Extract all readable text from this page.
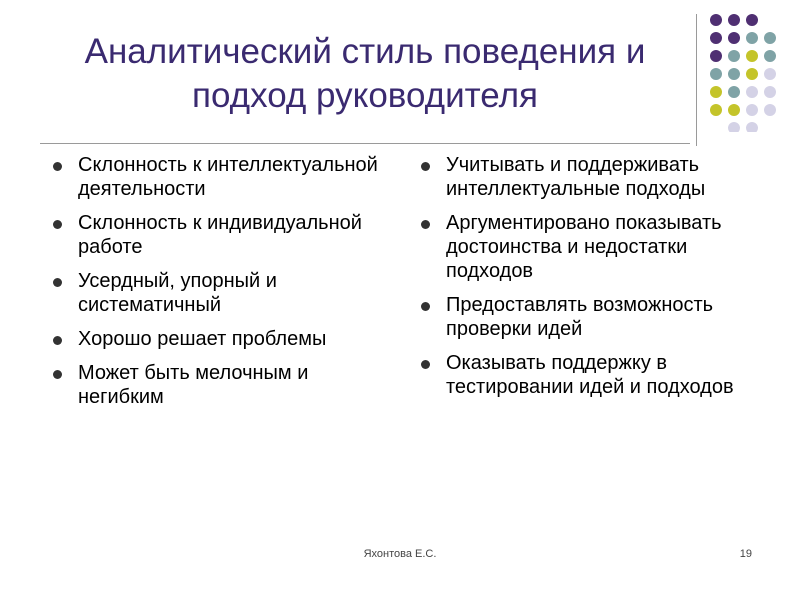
Аналитический стиль поведения и
подход руководителя
Склонность к интеллектуальной деятельности
Склонность к индивидуальной работе
Усердный, упорный и систематичный
Хорошо решает проблемы
Может быть мелочным и негибким
Учитывать и поддерживать интеллектуальные подходы
Аргументировано показывать достоинства и недостатки подходов
Предоставлять возможность проверки идей
Оказывать поддержку в тестировании идей и подходов
Яхонтова Е.С.	19
